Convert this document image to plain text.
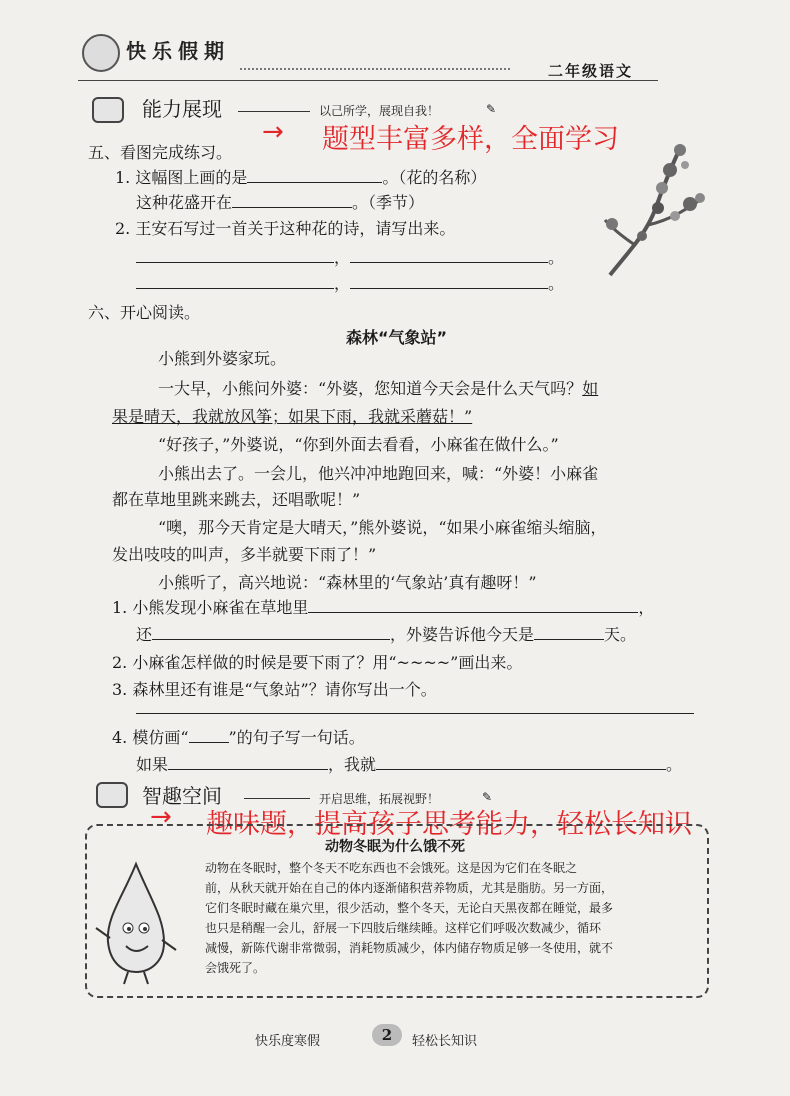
快乐假期
二年级语文
能力展现	以己所学，展现自我！	✎
→ 题型丰富多样，全面学习
五、看图完成练习。
1. 这幅图上画的是	。（花的名称）
这种花盛开在	。（季节）
2. 王安石写过一首关于这种花的诗，请写出来。
，	。
，	。
六、开心阅读。
森林“气象站”
小熊到外婆家玩。
一大早，小熊问外婆：“外婆，您知道今天会是什么天气吗？如
果是晴天，我就放风筝；如果下雨，我就采蘑菇！”
“好孩子，”外婆说，“你到外面去看看，小麻雀在做什么。”
小熊出去了。一会儿，他兴冲冲地跑回来，喊：“外婆！小麻雀
都在草地里跳来跳去，还唱歌呢！”
“噢，那今天肯定是大晴天，”熊外婆说，“如果小麻雀缩头缩脑，
发出吱吱的叫声，多半就要下雨了！”
小熊听了，高兴地说：“森林里的‘气象站’真有趣呀！”
1. 小熊发现小麻雀在草地里	，
还	，外婆告诉他今天是	天。
2. 小麻雀怎样做的时候是要下雨了？用“~~~~”画出来。
3. 森林里还有谁是“气象站”？请你写出一个。
4. 模仿画“	”的句子写一句话。
如果	，我就	。
智趣空间	开启思维，拓展视野！	✎
→ 趣味题，提高孩子思考能力，轻松长知识
动物冬眠为什么饿不死
动物在冬眠时，整个冬天不吃东西也不会饿死。这是因为它们在冬眠之
前，从秋天就开始在自己的体内逐渐储积营养物质，尤其是脂肪。另一方面，
它们冬眠时藏在巢穴里，很少活动，整个冬天，无论白天黑夜都在睡觉，最多
也只是稍醒一会儿，舒展一下四肢后继续睡。这样它们呼吸次数减少，循环
减慢，新陈代谢非常微弱，消耗物质减少，体内储存物质足够一冬使用，就不
会饿死了。
快乐度寒假	2	轻松长知识
